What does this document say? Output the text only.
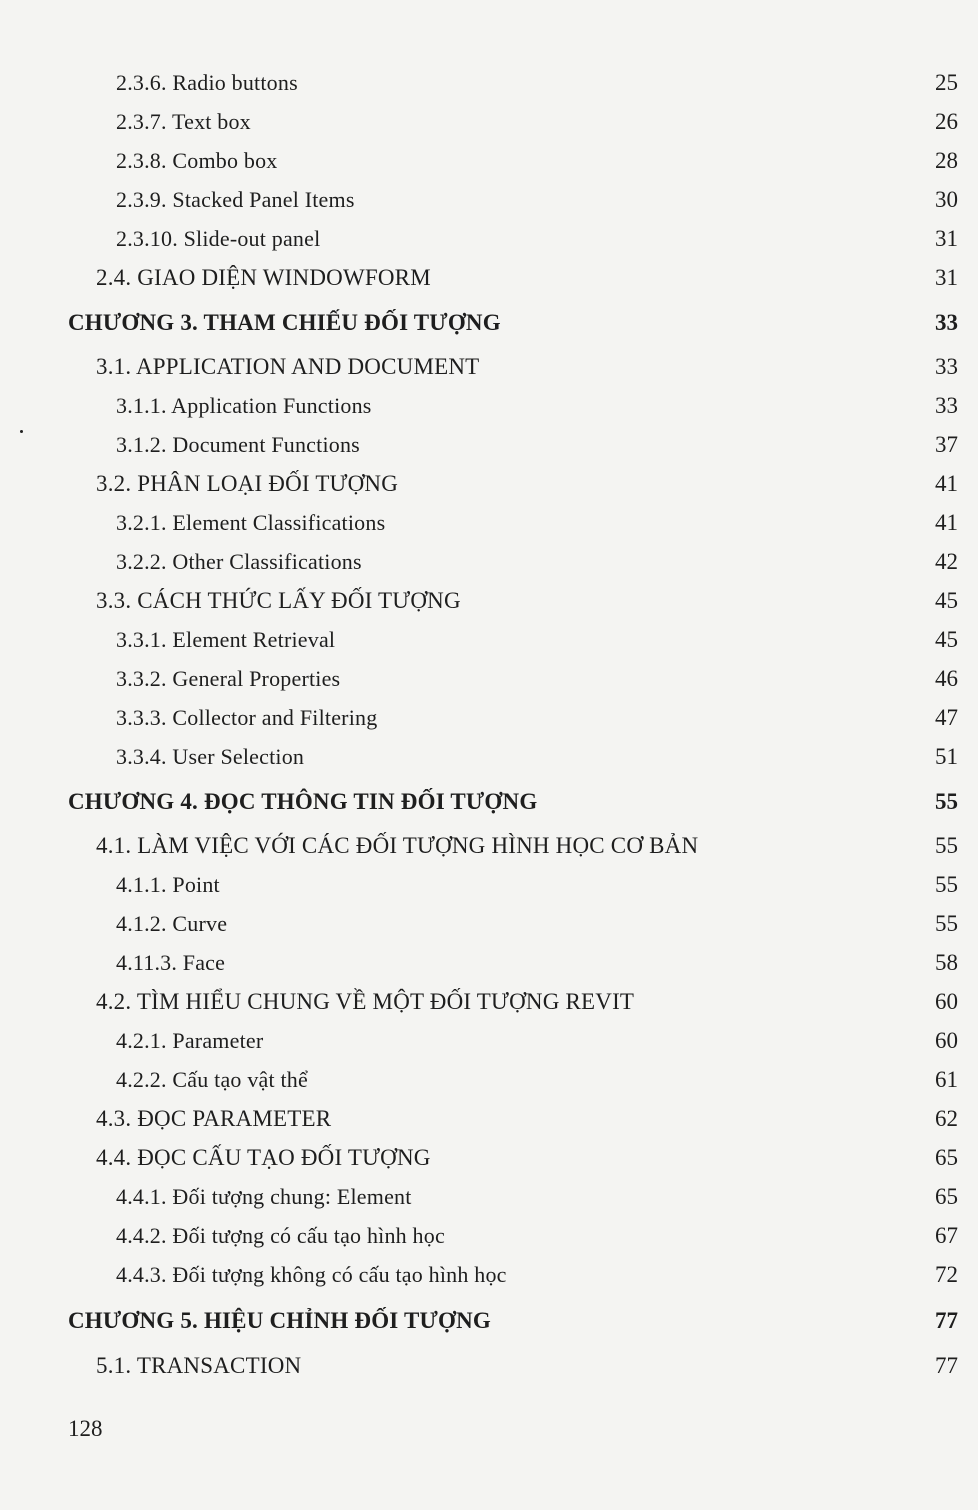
2.3.6. Radio buttons	25
2.3.7. Text box	26
2.3.8. Combo box	28
2.3.9. Stacked Panel Items	30
2.3.10. Slide-out panel	31
2.4. GIAO DIỆN WINDOWFORM	31
CHƯƠNG 3. THAM CHIẾU ĐỐI TƯỢNG	33
3.1. APPLICATION AND DOCUMENT	33
3.1.1. Application Functions	33
3.1.2. Document Functions	37
3.2. PHÂN LOẠI ĐỐI TƯỢNG	41
3.2.1. Element Classifications	41
3.2.2. Other Classifications	42
3.3. CÁCH THỨC LẤY ĐỐI TƯỢNG	45
3.3.1. Element Retrieval	45
3.3.2. General Properties	46
3.3.3. Collector and Filtering	47
3.3.4. User Selection	51
CHƯƠNG 4. ĐỌC THÔNG TIN ĐỐI TƯỢNG	55
4.1. LÀM VIỆC VỚI CÁC ĐỐI TƯỢNG HÌNH HỌC CƠ BẢN	55
4.1.1. Point	55
4.1.2. Curve	55
4.11.3. Face	58
4.2. TÌM HIỂU CHUNG VỀ MỘT ĐỐI TƯỢNG REVIT	60
4.2.1. Parameter	60
4.2.2. Cấu tạo vật thể	61
4.3. ĐỌC PARAMETER	62
4.4. ĐỌC CẤU TẠO ĐỐI TƯỢNG	65
4.4.1. Đối tượng chung: Element	65
4.4.2. Đối tượng có cấu tạo hình học	67
4.4.3. Đối tượng không có cấu tạo hình học	72
CHƯƠNG 5. HIỆU CHỈNH ĐỐI TƯỢNG	77
5.1. TRANSACTION	77
128
